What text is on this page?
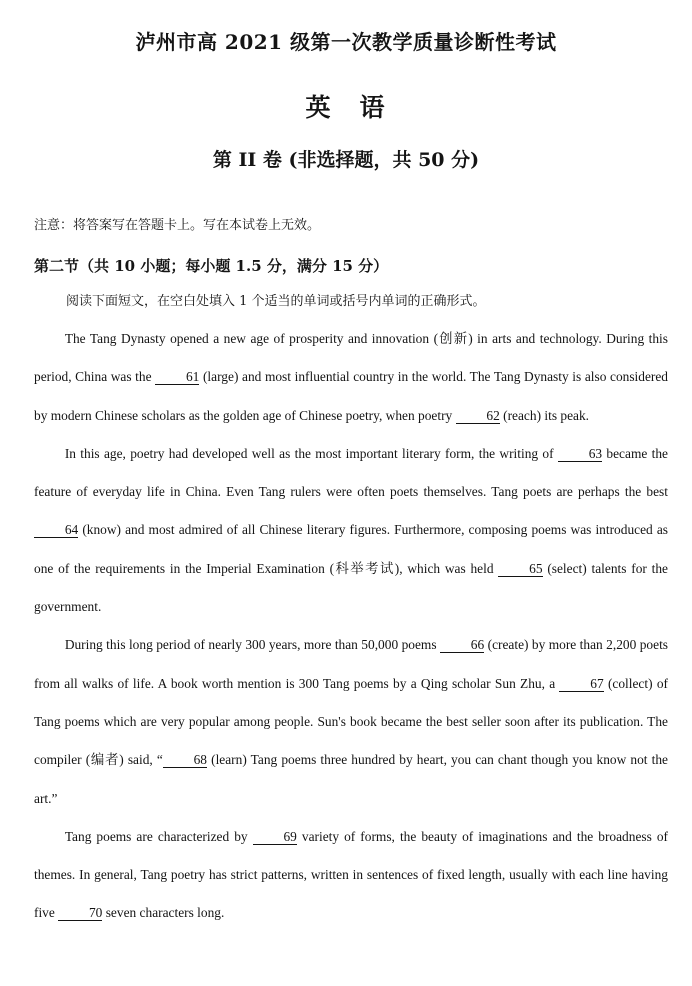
泸州市高 2021 级第一次教学质量诊断性考试
英　语
第 II 卷 (非选择题，共 50 分)
注意：将答案写在答题卡上。写在本试卷上无效。
第二节（共 10 小题；每小题 1.5 分，满分 15 分）
阅读下面短文，在空白处填入 1 个适当的单词或括号内单词的正确形式。

The Tang Dynasty opened a new age of prosperity and innovation (创新) in arts and technology. During this period, China was the 61 (large) and most influential country in the world. The Tang Dynasty is also considered by modern Chinese scholars as the golden age of Chinese poetry, when poetry 62 (reach) its peak.

In this age, poetry had developed well as the most important literary form, the writing of 63 became the feature of everyday life in China. Even Tang rulers were often poets themselves. Tang poets are perhaps the best 64 (know) and most admired of all Chinese literary figures. Furthermore, composing poems was introduced as one of the requirements in the Imperial Examination (科举考试), which was held 65 (select) talents for the government.

During this long period of nearly 300 years, more than 50,000 poems 66 (create) by more than 2,200 poets from all walks of life. A book worth mention is 300 Tang poems by a Qing scholar Sun Zhu, a 67 (collect) of Tang poems which are very popular among people. Sun's book became the best seller soon after its publication. The compiler (编者) said, “ 68 (learn) Tang poems three hundred by heart, you can chant though you know not the art.”

Tang poems are characterized by 69 variety of forms, the beauty of imaginations and the broadness of themes. In general, Tang poetry has strict patterns, written in sentences of fixed length, usually with each line having five 70 seven characters long.
